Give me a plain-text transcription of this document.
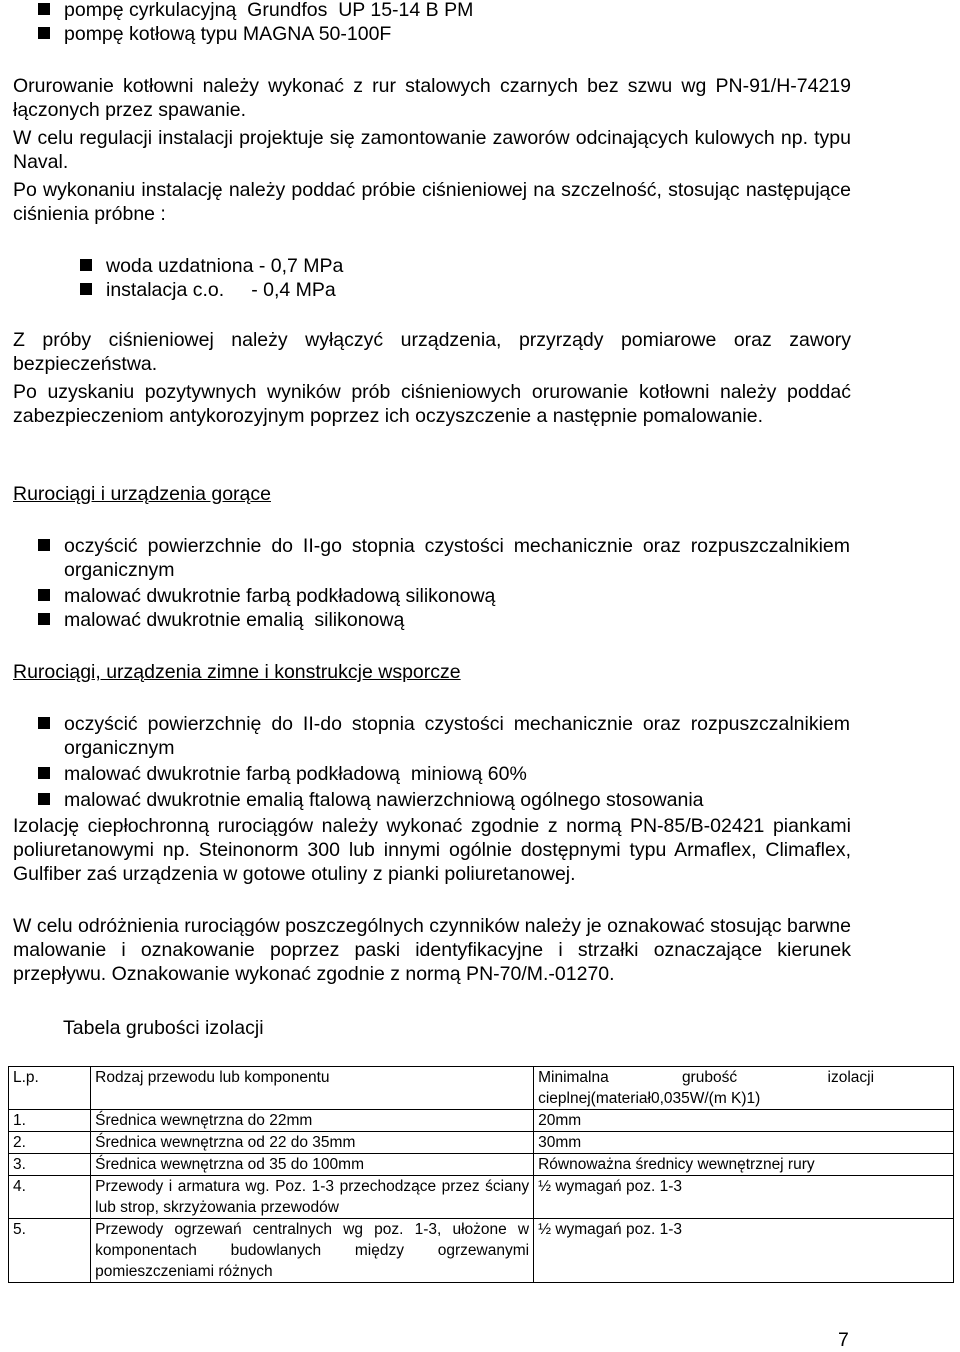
pompę cyrkulacyjną  Grundfos  UP 15-14 B PM
pompę kotłową typu MAGNA 50-100F
Orurowanie kotłowni należy wykonać z rur stalowych czarnych bez szwu wg PN-91/H-74219 łączonych przez spawanie.
W celu regulacji instalacji projektuje się zamontowanie zaworów odcinających kulowych np. typu Naval.
Po wykonaniu instalację należy poddać próbie ciśnieniowej na szczelność, stosując następujące ciśnienia próbne :
woda uzdatniona - 0,7 MPa
instalacja c.o.     - 0,4 MPa
Z próby ciśnieniowej należy wyłączyć urządzenia, przyrządy pomiarowe oraz zawory bezpieczeństwa.
Po uzyskaniu pozytywnych wyników prób ciśnieniowych orurowanie kotłowni należy poddać zabezpieczeniom antykorozyjnym poprzez ich oczyszczenie a następnie pomalowanie.
Rurociągi i urządzenia gorące
oczyścić powierzchnie do II-go stopnia czystości mechanicznie oraz rozpuszczalnikiem organicznym
malować dwukrotnie farbą podkładową silikonową
malować dwukrotnie emalią  silikonową
Rurociągi, urządzenia zimne i konstrukcje wsporcze
oczyścić powierzchnię do II-do stopnia czystości mechanicznie oraz rozpuszczalnikiem organicznym
malować dwukrotnie farbą podkładową  miniową 60%
malować dwukrotnie emalią ftalową nawierzchniową ogólnego stosowania
Izolację ciepłochronną rurociągów należy wykonać zgodnie z normą PN-85/B-02421 piankami poliuretanowymi np. Steinonorm 300 lub innymi ogólnie dostępnymi typu Armaflex, Climaflex, Gulfiber zaś urządzenia w gotowe otuliny z pianki poliuretanowej.
W celu odróżnienia rurociągów poszczególnych czynników należy je oznakować stosując barwne malowanie i oznakowanie poprzez paski identyfikacyjne i strzałki oznaczające kierunek przepływu. Oznakowanie wykonać zgodnie z normą PN-70/M.-01270.
Tabela grubości izolacji
L.p.	Rodzaj przewodu lub komponentu	Minimalna                 grubość                     izolacji
cieplnej(materiał0,035W/(m K)1)

1.	Średnica wewnętrzna do 22mm	20mm
2.	Średnica wewnętrzna od 22 do 35mm	30mm
3.	Średnica wewnętrzna od 35 do 100mm	Równoważna średnicy wewnętrznej rury
4.	Przewody i armatura wg. Poz. 1-3 przechodzące przez ściany lub strop, skrzyżowania przewodów	½ wymagań poz. 1-3
5.	Przewody ogrzewań centralnych wg poz. 1-3, ułożone w komponentach budowlanych między ogrzewanymi pomieszczeniami różnych	½ wymagań poz. 1-3
7
